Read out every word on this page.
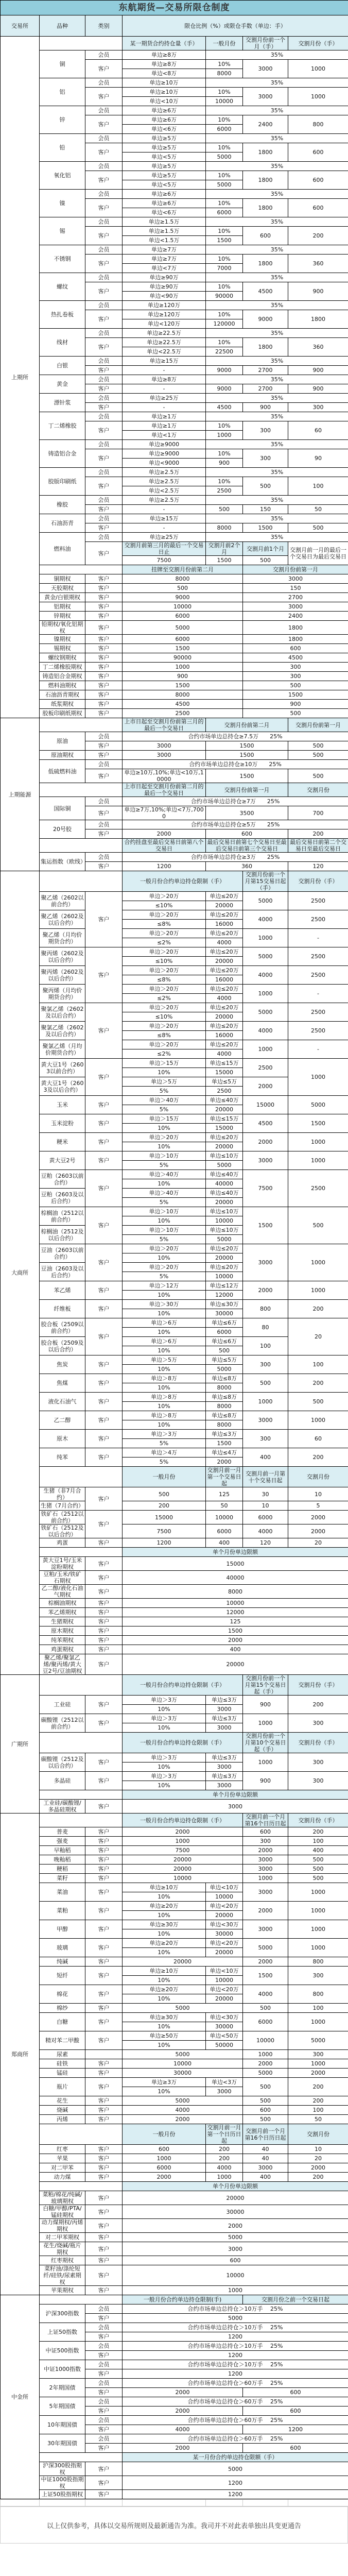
东航期货—交易所限仓制度						
交易所	品种	类别	限仓比例（%）或限仓手数（单边：手）			
上期所			某一期货合约持仓量（手）	一般月份	交割月份前一个月（手）	交割月份（手）
	铜	会员	单边≥8万	35%		
		客户	单边≥8万	10%	3000	1000
			单边<8万	8000		
	铝	会员	单边≥10万	35%		
		客户	单边≥10万	10%	3000	1000
			单边<10万	10000		
	锌	会员	单边≥6万	35%		
		客户	单边≥6万	10%	2400	800
			单边<6万	6000		
	铅	会员	单边≥5万	35%		
		客户	单边≥5万	10%	1800	600
			单边<5万	5000		
	氧化铝	会员	单边≥5万	35%		
		客户	单边≥5万	10%	1800	600
			单边<5万	5000		
	镍	会员	单边≥6万	35%		
		客户	单边≥6万	10%	1800	600
			单边<6万	6000		
	锡	会员	单边≥1.5万	35%		
		客户	单边≥1.5万	10%	600	200
			单边<1.5万	1500		
	不锈钢	会员	单边≥7万	35%		
		客户	单边≥7万	10%	1800	360
			单边<7万	7000		
	螺纹	会员	单边≥90万	35%		
		客户	单边≥90万	10%	4500	900
			单边<90万	90000		
	热扎卷板	会员	单边≥120万	35%		
		客户	单边≥120万	10%	9000	1800
			单边<120万	120000		
	线材	会员	单边≥22.5万	35%		
		客户	单边≥22.5万	10%	1800	360
			单边<22.5万	22500		
	白银	会员	单边≥15万	35%		
		客户	-	9000	2700	900
	黄金	会员	单边≥8万	35%		
		客户	-	9000	2700	900
	漂针浆	会员	单边≥25万	35%		
		客户	-	4500	900	300
	丁二烯橡胶	会员	单边≥1万	35%		
		客户	单边≥1万	10%	300	60
			单边<1万	1000		
	铸造铝合金	会员	单边≥9000	35%		
		客户	单边≥9000	10%	300	90
			单边<9000	900		
	胶版印刷纸	会员	单边≥2.5万	35%		
		客户	单边≥2.5万	10%	500	100
			单边<2.5万	2500		
	橡胶	会员	单边≥2.5万	35%		
		客户	-	500	150	50
	石油沥青	会员	单边≥15万	35%		
		客户	-	8000	1500	500
	燃料油	会员	单边≥25万	35%		
		客户	交割月前第三月的最后一个交易日止	交割月前2个月	交割月前1个月	交割月前一月的最后一个交易日为最后交易日
			7500	1500	500	
			挂牌至交割月份前第二月		交割月份前第一月	
	铜期权	客户	8000		3000	
	天胶期权	客户	500		150	
	黄金/白银期权	客户	9000		2700	
	铝期权	客户	10000		3000	
	锌期权	客户	6000		2400	
	铅期权/氧化铝期权	客户	5000		1800	
	镍期权	客户	6000		1800	
	锡期权	客户	1500		600	
	螺纹钢期权	客户	90000		4500	
	丁二烯橡胶期权	客户	1000		300	
	铸造铝合金期权	客户	900		300	
	燃料油期权	客户	1500		500	
	石油沥青期权	客户	8000		1500	
	纸浆期权	客户	4500		900	
	胶板印刷纸期权	客户	2500		500	
上期能源			上市日起至交割月份前第三月的最后一个交易日	交割月份前第二月		交割月份前第一月
	原油	会员	合约市场单边总持仓≥7.5万　　25%			
		客户	3000	1500		500
	原油期权	客户	3000	1500		500
	低硫燃料油	会员	合约市场单边总持仓≥10万　　25%			
		客户	单边≥10万,10%;单边<10万,10000	1500		500
			上市日起至交割月份前第二月的最后一个交易日	交割月份前第一月		交割月份
	国际铜	会员	合约市场单边总持仓≥7万　　25%			
		客户	单边≥7万,10%;单边<7万,7000	3500		700
	20号胶	会员	合约市场单边总持仓≥5万　　25%			
		客户	2000	600		200
			合约挂盘至最后交易日前第八个交易日	最后交易日前第七个交易日至最后交易日前第三个交易日		最后交易日前第二个交易日至最后交易日
	集运指数（欧线）	会员	合约市场单边总持仓≥3万　　25%			
		客户	1200	360		120
大商所			一般月份合约单边持仓限制（手）		交割月份前一个月第15交易日起（手）	交割月份（手）
	聚乙烯（2602以前合约）	客户	单边＞20万	单边≤20万	5000	2500
			≤10%	20000		
	聚乙烯（2602及以后合约）		单边＞20万	单边≤20万	4000	2500
			≤8%	16000		
	聚乙烯（月均价期货合约）		单边＞20万	单边≤20万	1000	-
			≤2%	4000		
	聚丙烯（2602及以后合约）	客户	单边＞20万	单边≤20万	5000	2500
			≤10%	20000		
	聚丙烯（2602及以后合约）		单边＞20万	单边≤20万	4000	2500
			≤8%	16000		
	聚丙烯（月均价期货合约）		单边＞20万	单边≤20万	1000	-
			≤2%	4000		
	聚氯乙烯（2602及以后合约）	客户	单边＞20万	单边≤20万	5000	2500
			≤10%	20000		
	聚氯乙烯（2602及以后合约）		单边＞20万	单边≤20万	4000	2500
			≤8%	16000		
	聚氯乙烯（月均价期货合约）		单边＞20万	单边≤20万	1000	-
			≤2%	4000		
	黄大豆1号（2603以前合约）	客户	单边＞15万	单边≤15万	2500	1000
			10%	15000		
	黄大豆1号（2603及以后合约）		单边＞5万	单边≤5万	2000	
			5%	2500		
	玉米	客户	单边＞40万	单边≤40万	15000	5000
			5%	20000		
	玉米淀粉	客户	单边＞15万	单边≤15万	4500	1500
			10%	15000		
	粳米	客户	单边＞20万	单边≤20万	2000	1000
			10%	20000		
	黄大豆2号	客户	单边＞10万	单边≤10万	3000	1000
			5%	5000		
	豆粕（2603以前合约）	客户	单边＞40万	单边≤40万	7500	2500
			10%	40000		
	豆粕（2603及以后合约）		单边＞40万	单边≤40万		
			5%	20000		
	棕榈油（2512以前合约）	客户	单边＞10万	单边≤10万	1500	500
			10%	10000		
	棕榈油（2512及以后合约）		单边＞10万	单边≤10万		
			5%	5000		
	豆油（2603以前合约）	客户	单边＞20万	单边≤20万	3000	1000
			10%	20000		
	豆油（2603及以后合约）		单边＞20万	单边≤20万		
			5%	10000		
	苯乙烯	客户	单边＞12万	单边≤12万	2000	1000
			10%	12000		
	纤维板	客户	单边＞30万	单边≤30万	800	200
			10%	30000		
	胶合板（2509以前合约）	客户	单边＞6万	单边≤6万	80	20
			10%	6000		
	胶合板（2509及以后合约）		单边＞6万	单边≤6万	100	
			10%	500		
	焦炭	客户	单边＞5万	单边≤5万	300	100
			10%	5000		
	焦煤	客户	单边＞8万	单边≤8万	500	200
			10%	8000		
	液化石油气	客户	单边＞8万	单边≤8万	1000	500
			10%	8000		
	乙二醇	客户	单边＞8万	单边≤8万	3000	1000
			10%	8000		
	原木	客户	单边＞3万	单边≤3万	300	60
			5%	1500		
	纯苯	客户	单边＞4万	单边≤4万	400	200
			5%	2000		
			一般月份	交割月前一月第一个交易日起	交割月前一月第十个交易日起	交割月份
	生猪（非7月合约）	客户	500	125	30	10
	生猪（7月合约）		200	50	10	5
	铁矿石（2512以前合约）	客户	15000	10000	6000	2000
	铁矿石（2512及以后合约）		7500	6000	4000	2000
	鸡蛋	客户	1200	400	120	20
			单个月份单边限额			
	黄大豆1号/玉米淀粉期权	客户	15000			
	豆粕/玉米/铁矿石期权	客户	40000			
	乙二醇/液化石油气期权	客户	8000			
	棕榈油期权	客户	10000			
	苯乙烯期权	客户	12000			
	生猪期权	客户	125			
	原木期权	客户	1500			
	纯苯期权	客户	2000			
	鸡蛋期权	客户	400			
	聚乙烯/聚氯乙烯/聚丙烯/黄大豆2号/豆油期权	客户	20000			
广期所			一般月份合约单边持仓限制（手）		交割月份前一个月第15个交易日起（手）	交割月份（手）
	工业硅	客户	单边＞3万	单边≤3万	900	200
			10%	3000		
	碳酸锂（2512以前合约）	客户	单边＞3万	单边≤3万	1000	300
			10%	3000		
			一般月份合约单边持仓限制（手）		交割月份前一个月第10个交易日起（手）	交割月份（手）
	碳酸锂（2512及以后合约）	客户	单边＞3万	单边≤3万	1000	300
			10%	3000		
	多晶硅	客户	单边＞3万	单边≤3万	900	300
			10%	3000		
			单个月份单边限额			
	工业硅/碳酸锂/多晶硅期权	客户	3000			
郑商所			一般月份合约单边持仓限制（手）		交割月前一个月第16个日历日起	交割月份（手）
	普麦	客户	2000		600	200
	强麦	客户	1000		300	100
	早籼稻	客户	7500		2000	400
	晚籼稻	客户	20000		3000	500
	粳稻	客户	20000		3000	500
	菜籽	客户	10000		1000	500
	菜油	客户	单边≥10万	单边<10万	3000	1000
			10%	10000		
	菜粕	客户	单边≥20万	单边<20万	2000	1000
			10%	20000		
	甲醇	客户	单边≥30万	单边<30万	3000	1000
			10%	30000		
	玻璃	客户	单边≥20万	单边<20万	5000	1000
			10%	20000		
	纯碱	客户	20000		2000	800
	短纤	客户	单边≥10万	单边<10万	1500	300
			10%	10000		
	棉花	客户	单边≥20万	单边<20万	4000	800
			10%	20000		
	棉纱	客户	5000		500	100
	白糖	客户	单边≥30万	单边<30万	6000	1000
			10%	30000		
	精对苯二甲酸	客户	单边≥50万	单边<50万	10000	5000
			10%	50000		
	尿素		5000		1000	300
	硅铁	客户	10000		2000	1000
	锰硅	客户	30000		5000	2000
	瓶片	客户	单边≥3万	单边<3万	500	200
			10%	3000		
	花生	客户	5000		500	200
	烧碱	客户	4000		600	100
	丙烯	客户	2000		500	50
			一般月份	交割月前一月第一个日历日起	交割月前一个月第16个日历日起	交割月份
	红枣	客户	600	200	40	10
	苹果	客户	1000	200	40	20
	对二甲苯	客户	6000	4000	3000	2000
	动力煤	客户	2000	1000	400	200
			单个月份单边限额			
	菜粕/棉花/纯碱/玻璃期权	客户	20000			
	白糖/甲醇/PTA/锰硅期权	客户	30000			
	动力煤期权/丙烯期权	客户	2000			
	对二甲苯期权	客户	5000			
	花生/烧碱/瓶片期权	客户	3000			
	红枣期权	客户	600			
	菜籽油/涤纶短纤/硅铁/尿素期权	客户	10000			
	苹果期权	客户	1000			
中金所			一般月份合约单边持仓限制(手)		交割月份之前一个交易日起	
	沪深300指数	会员	合约市场单边总持仓＞10万手　 25%			
		客户	5000			
	上证50指数	会员	合约市场单边总持仓＞10万手　 25%			
		客户	1200			
	中证500指数	会员	合约市场单边总持仓＞10万手　 25%			
		客户	1200			
	中证1000指数	会员	合约市场单边总持仓＞10万手　 25%			
		客户	1200			
	2年期国债	会员	合约市场单边总持仓＞60万手　 25%			
		客户	2000		600	
	5年期国债	会员	合约市场单边总持仓＞60万手　 25%			
		客户	2000		600	
	10年期国债	会员	合约市场单边总持仓＞60万手　 25%			
		客户	4000		1200	
	30年期国债	会员	合约市场单边总持仓＞60万手　 25%			
		客户	2000		600	
			某一月份合约单边持仓限额（手）			
	沪深300股指期权	客户	5000			
	中证1000股指期权	客户	1200			
	上证50股指期权	客户	1200			

以上仅供参考，具体以交易所规则及最新通告为准。我司并不对此表单独出具变更通告
